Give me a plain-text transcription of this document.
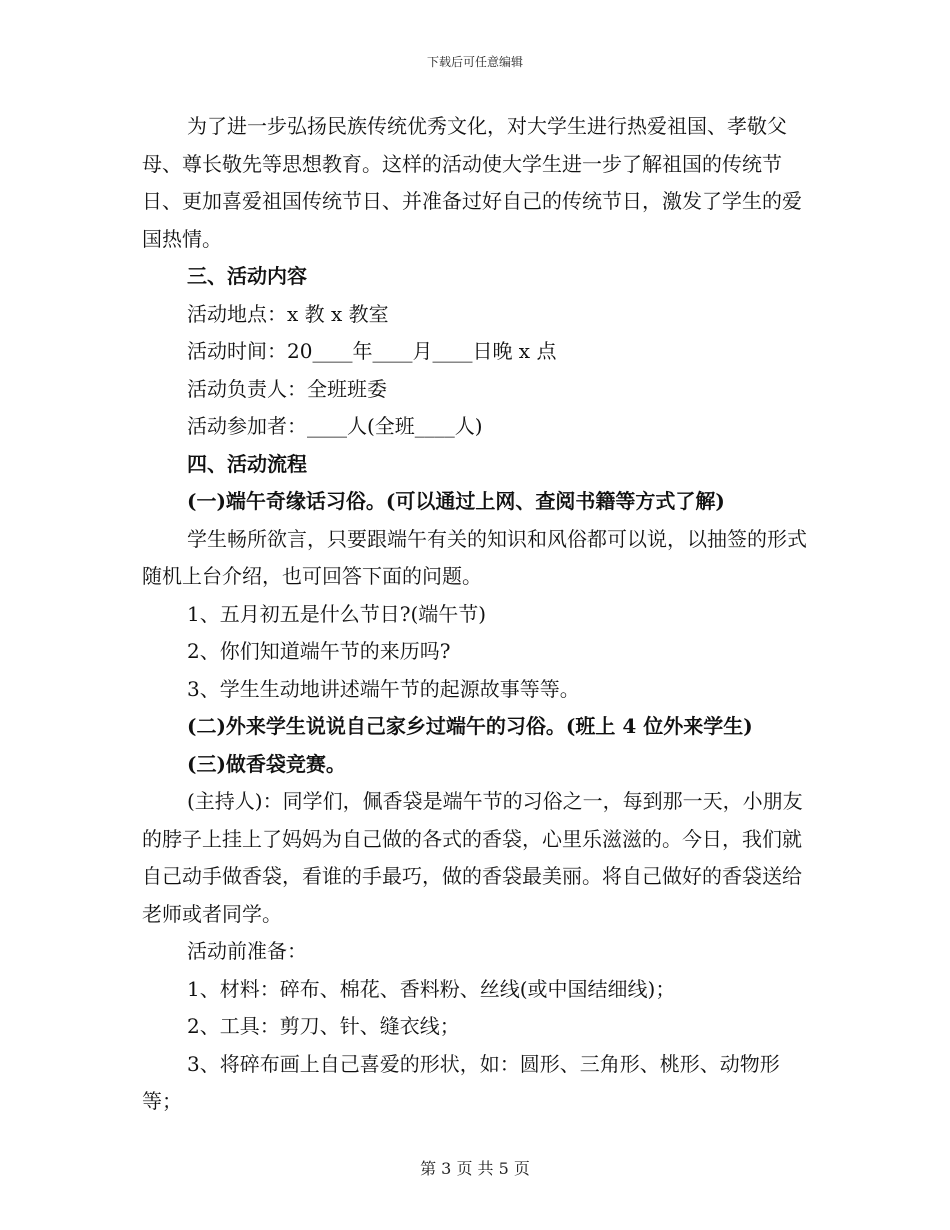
下载后可任意编辑

为了进一步弘扬民族传统优秀文化，对大学生进行热爱祖国、孝敬父母、尊长敬先等思想教育。这样的活动使大学生进一步了解祖国的传统节日、更加喜爱祖国传统节日、并准备过好自己的传统节日，激发了学生的爱国热情。

三、活动内容

活动地点：x 教 x 教室

活动时间：20____年____月____日晚 x 点

活动负责人：全班班委

活动参加者：____人(全班____人)

四、活动流程

(一)端午奇缘话习俗。(可以通过上网、查阅书籍等方式了解)

学生畅所欲言，只要跟端午有关的知识和风俗都可以说，以抽签的形式随机上台介绍，也可回答下面的问题。

1、五月初五是什么节日?(端午节)

2、你们知道端午节的来历吗?

3、学生生动地讲述端午节的起源故事等等。

(二)外来学生说说自己家乡过端午的习俗。(班上 4 位外来学生)

(三)做香袋竞赛。

(主持人)：同学们，佩香袋是端午节的习俗之一，每到那一天，小朋友的脖子上挂上了妈妈为自己做的各式的香袋，心里乐滋滋的。今日，我们就自己动手做香袋，看谁的手最巧，做的香袋最美丽。将自己做好的香袋送给老师或者同学。

活动前准备：

1、材料：碎布、棉花、香料粉、丝线(或中国结细线)；

2、工具：剪刀、针、缝衣线；

3、将碎布画上自己喜爱的形状，如：圆形、三角形、桃形、动物形等；

第 3 页 共 5 页
